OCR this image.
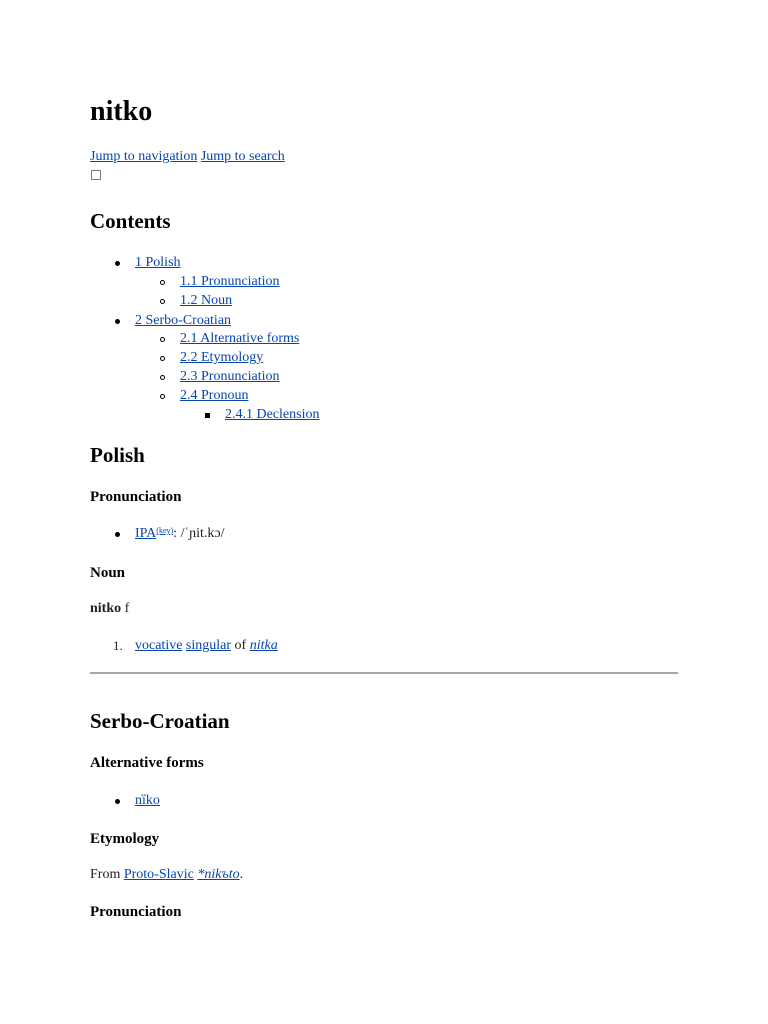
nitko
Jump to navigation Jump to search
Contents
1 Polish
1.1 Pronunciation
1.2 Noun
2 Serbo-Croatian
2.1 Alternative forms
2.2 Etymology
2.3 Pronunciation
2.4 Pronoun
2.4.1 Declension
Polish
Pronunciation
IPA$^{(key)}$: /ˈɲit.kɔ/
Noun
nitko f
1. vocative singular of nitka
Serbo-Croatian
Alternative forms
nȉko
Etymology
From Proto-Slavic *nikъto.
Pronunciation
